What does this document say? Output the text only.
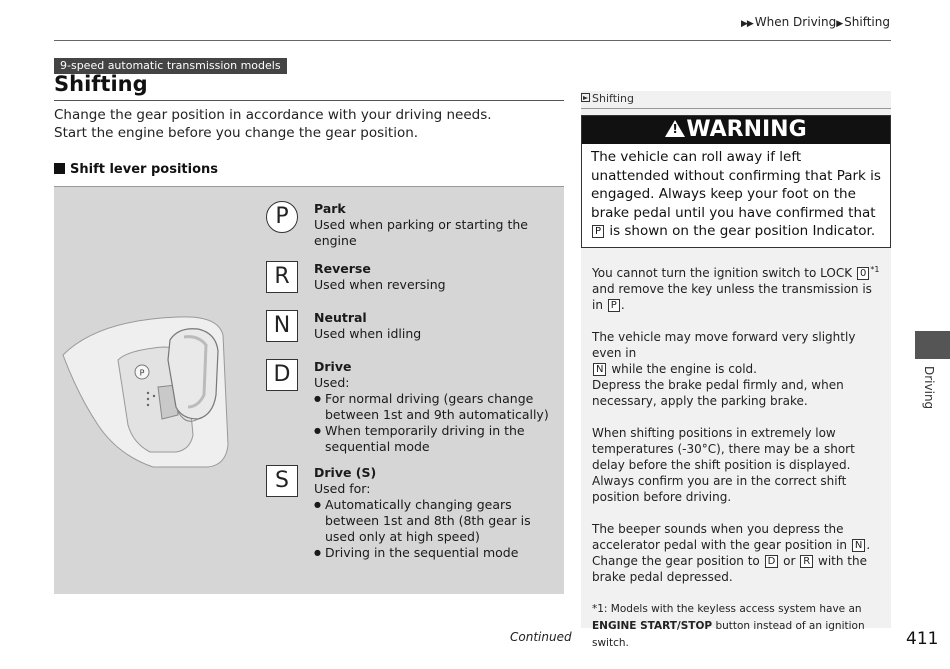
▶▶ When Driving▶ Shifting
9-speed automatic transmission models
Shifting
Change the gear position in accordance with your driving needs.
Start the engine before you change the gear position.
Shift lever positions
P
P	Park
Used when parking or starting the engine
R	Reverse
Used when reversing
N	Neutral
Used when idling
D	Drive
Used:
● For normal driving (gears change between 1st and 9th automatically)
● When temporarily driving in the sequential mode
S	Drive (S)
Used for:
● Automatically changing gears between 1st and 8th (8th gear is used only at high speed)
● Driving in the sequential mode
Shifting
!WARNING
The vehicle can roll away if left unattended without confirming that Park is engaged. Always keep your foot on the brake pedal until you have confirmed that P is shown on the gear position Indicator.

You cannot turn the ignition switch to LOCK 0 $^{*1}$ and remove the key unless the transmission is in P .

The vehicle may move forward very slightly even in
N while the engine is cold.
Depress the brake pedal firmly and, when necessary, apply the parking brake.

When shifting positions in extremely low temperatures (-30°C), there may be a short delay before the shift position is displayed. Always confirm you are in the correct shift position before driving.

The beeper sounds when you depress the accelerator pedal with the gear position in N .
Change the gear position to D or R with the brake pedal depressed.

*1: Models with the keyless access system have an ENGINE START/STOP button instead of an ignition switch.

Driving
Continued	411
